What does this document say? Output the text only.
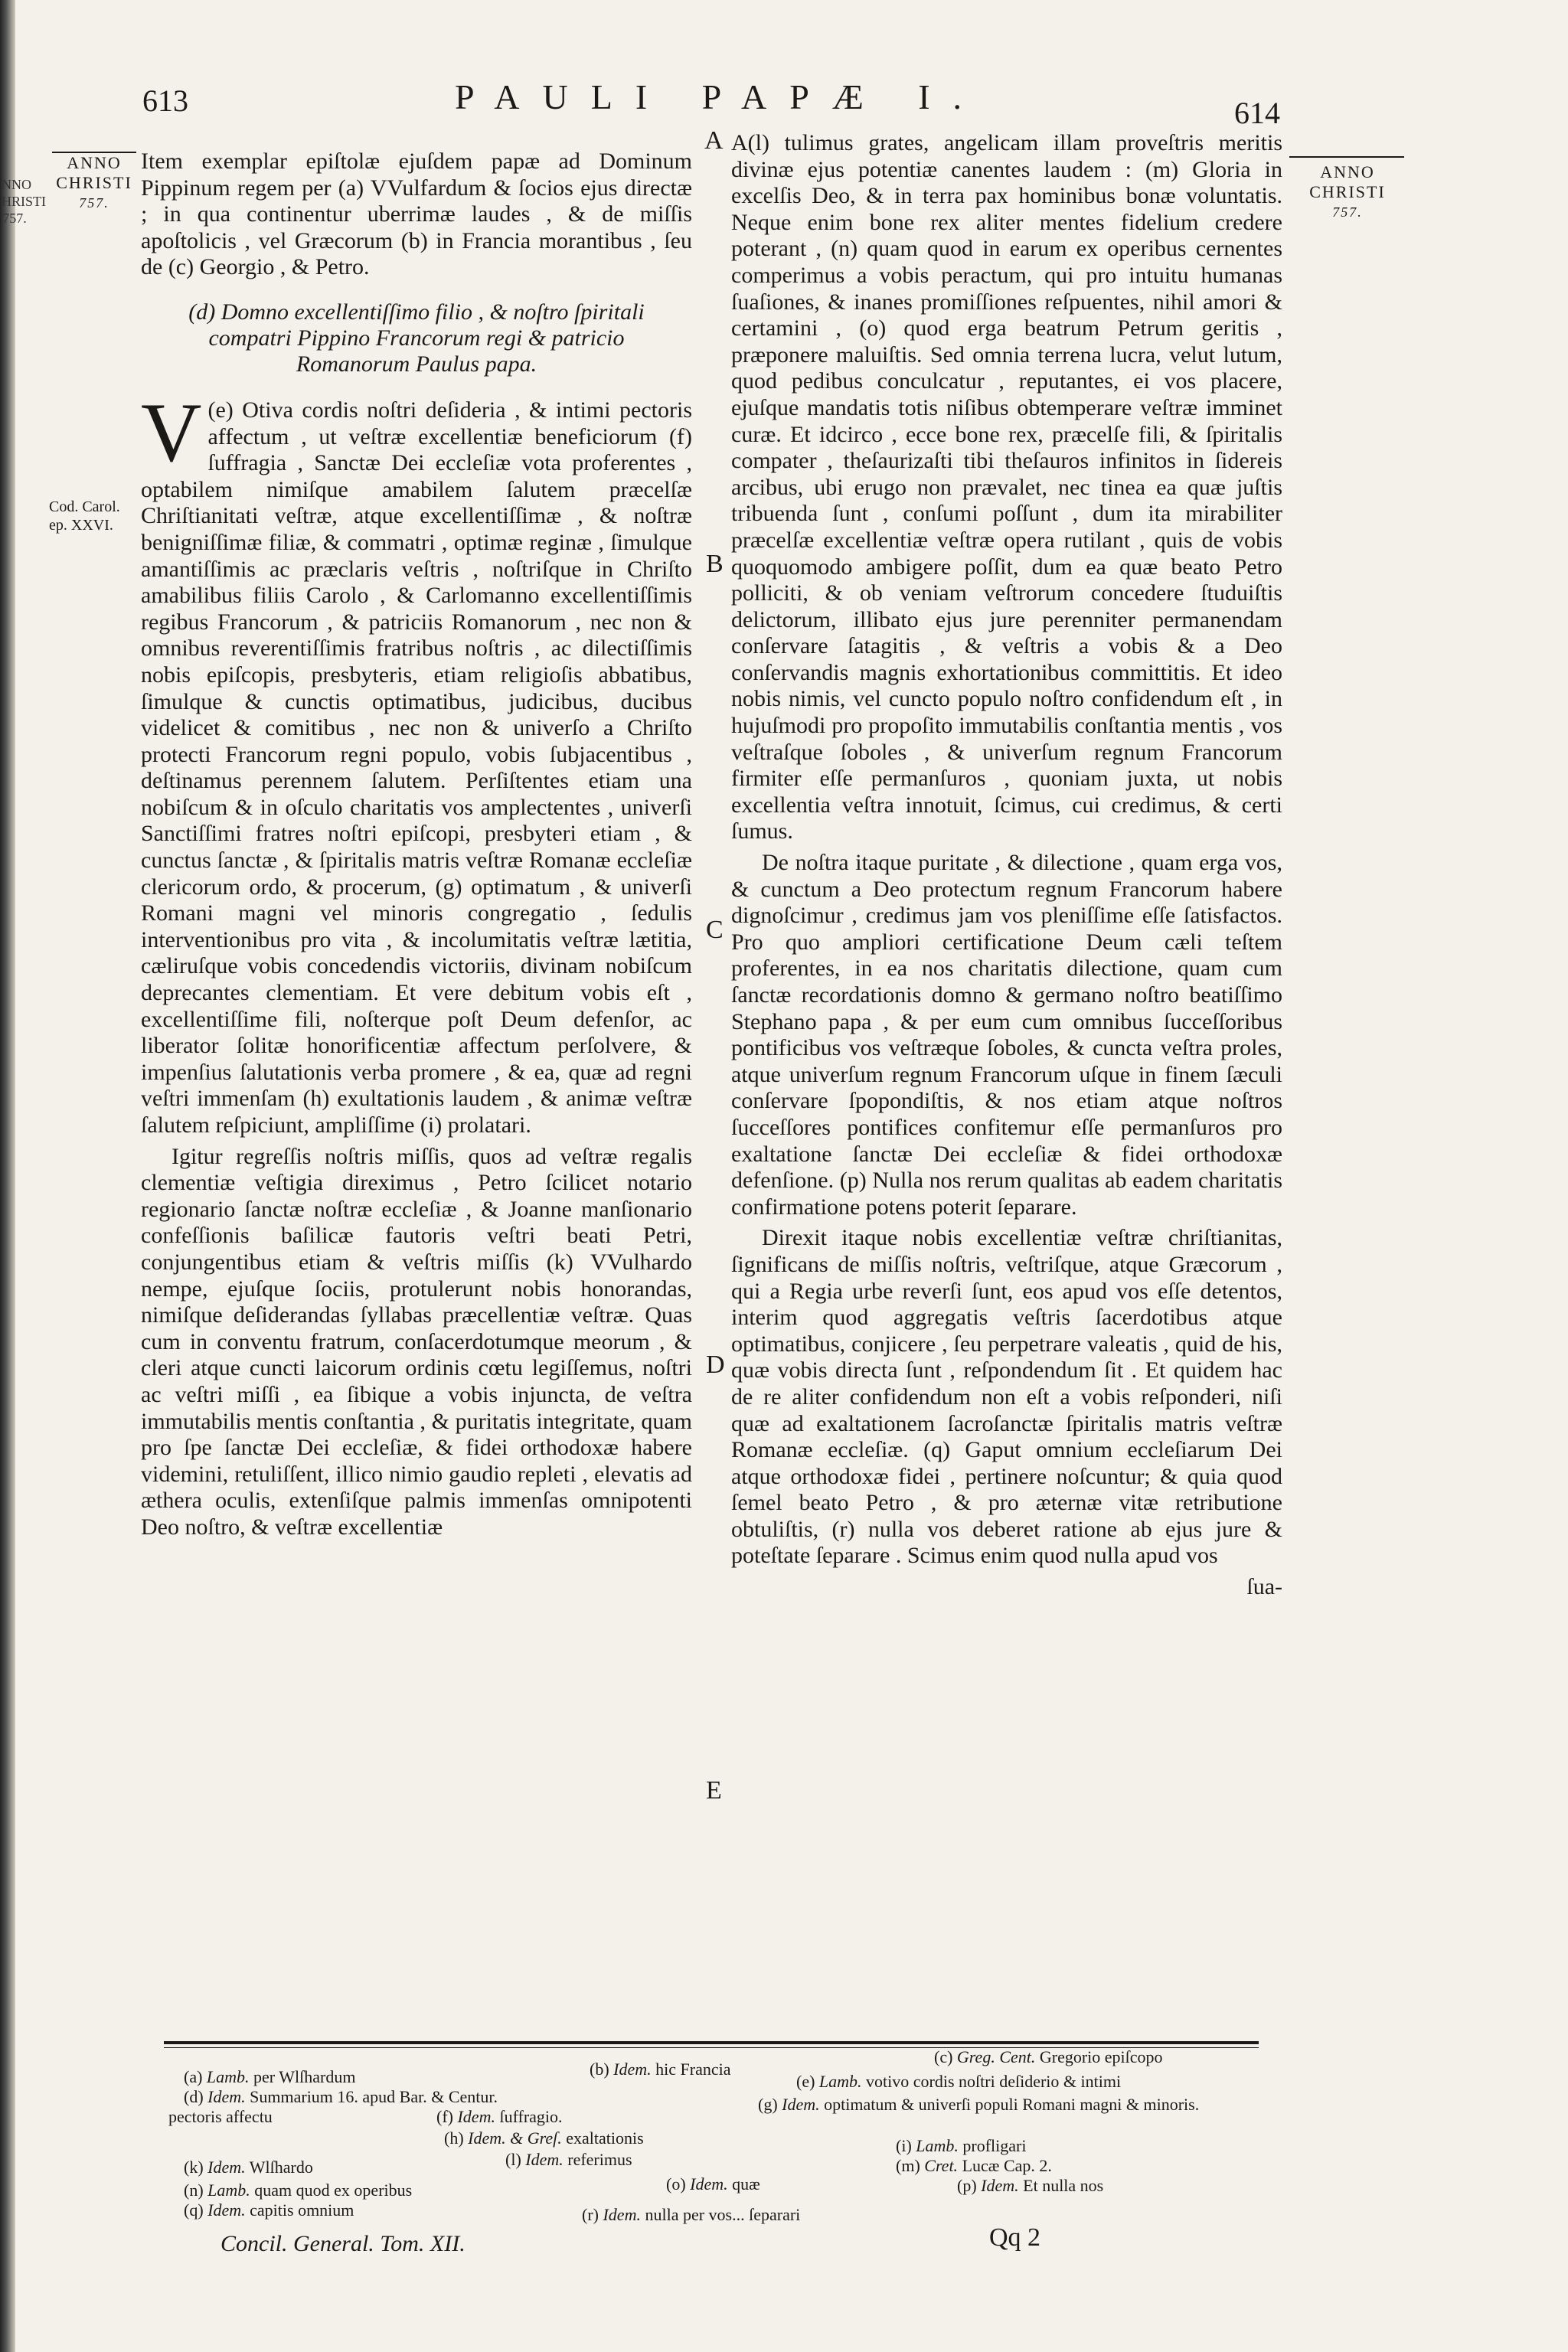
NNO HRISTI 757.
613	PAULI PAPÆ I.	614
ANNO CHRISTI
757.
ANNO CHRISTI
757.
Cod. Carol. ep. XXVI.
A
B
C
D
E

Item exemplar epiſtolæ ejuſdem papæ ad Dominum Pippinum regem per (a) VVulfardum & ſocios ejus directæ ; in qua continentur uberrimæ laudes , & de miſſis apoſtolicis , vel Græcorum (b) in Francia morantibus , ſeu de (c) Georgio , & Petro.

(d) Domno excellentiſſimo filio , & noſtro ſpiritali compatri Pippino Francorum regi & patricio Romanorum Paulus papa.

(e)
V Otiva cordis noſtri deſideria , & intimi pectoris affectum , ut veſtræ excellentiæ beneficiorum (f) ſuffragia , Sanctæ Dei eccleſiæ vota proferentes , optabilem nimiſque amabilem ſalutem præcelſæ Chriſtianitati veſtræ, atque excellentiſſimæ , & noſtræ benigniſſimæ filiæ, & commatri , optimæ reginæ , ſimulque amantiſſimis ac præclaris veſtris , noſtriſque in Chriſto amabilibus filiis Carolo , & Carlomanno excellentiſſimis regibus Francorum , & patriciis Romanorum , nec non & omnibus reverentiſſimis fratribus noſtris , ac dilectiſſimis nobis epiſcopis, presbyteris, etiam religioſis abbatibus, ſimulque & cunctis optimatibus, judicibus, ducibus videlicet & comitibus , nec non & univerſo a Chriſto protecti Francorum regni populo, vobis ſubjacentibus , deſtinamus perennem ſalutem. Perſiſtentes etiam una nobiſcum & in oſculo charitatis vos amplectentes , univerſi Sanctiſſimi fratres noſtri epiſcopi, presbyteri etiam , & cunctus ſanctæ , & ſpiritalis matris veſtræ Romanæ eccleſiæ clericorum ordo, & procerum, (g) optimatum , & univerſi Romani magni vel minoris congregatio , ſedulis interventionibus pro vita , & incolumitatis veſtræ lætitia, cæliruſque vobis concedendis victoriis, divinam nobiſcum deprecantes clementiam. Et vere debitum vobis eſt , excellentiſſime fili, noſterque poſt Deum defenſor, ac liberator ſolitæ honorificentiæ affectum perſolvere, & impenſius ſalutationis verba promere , & ea, quæ ad regni veſtri immenſam (h) exultationis laudem , & animæ veſtræ ſalutem reſpiciunt, ampliſſime (i) prolatari.

Igitur regreſſis noſtris miſſis, quos ad veſtræ regalis clementiæ veſtigia direximus , Petro ſcilicet notario regionario ſanctæ noſtræ eccleſiæ , & Joanne manſionario confeſſionis baſilicæ fautoris veſtri beati Petri, conjungentibus etiam & veſtris miſſis (k) VVulhardo nempe, ejuſque ſociis, protulerunt nobis honorandas, nimiſque deſiderandas ſyllabas præcellentiæ veſtræ. Quas cum in conventu fratrum, conſacerdotumque meorum , & cleri atque cuncti laicorum ordinis cœtu legiſſemus, noſtri ac veſtri miſſi , ea ſibique a vobis injuncta, de veſtra immutabilis mentis conſtantia , & puritatis integritate, quam pro ſpe ſanctæ Dei eccleſiæ, & fidei orthodoxæ habere videmini, retuliſſent, illico nimio gaudio repleti , elevatis ad æthera oculis, extenſiſque palmis immenſas omnipotenti Deo noſtro, & veſtræ excellentiæ

A(l) tulimus grates, angelicam illam proveſtris meritis divinæ ejus potentiæ canentes laudem : (m) Gloria in excelſis Deo, & in terra pax hominibus bonæ voluntatis. Neque enim bone rex aliter mentes fidelium credere poterant , (n) quam quod in earum ex operibus cernentes comperimus a vobis peractum, qui pro intuitu humanas ſuaſiones, & inanes promiſſiones reſpuentes, nihil amori & certamini , (o) quod erga beatrum Petrum geritis , præponere maluiſtis. Sed omnia terrena lucra, velut lutum, quod pedibus conculcatur , reputantes, ei vos placere, ejuſque mandatis totis niſibus obtemperare veſtræ imminet curæ. Et idcirco , ecce bone rex, præcelſe fili, & ſpiritalis compater , theſaurizaſti tibi theſauros infinitos in ſidereis arcibus, ubi erugo non prævalet, nec tinea ea quæ juſtis tribuenda ſunt , conſumi poſſunt , dum ita mirabiliter præcelſæ excellentiæ veſtræ opera rutilant , quis de vobis quoquomodo ambigere poſſit, dum ea quæ beato Petro polliciti, & ob veniam veſtrorum concedere ſtuduiſtis delictorum, illibato ejus jure perenniter permanendam conſervare ſatagitis , & veſtris a vobis & a Deo conſervandis magnis exhortationibus committitis. Et ideo nobis nimis, vel cuncto populo noſtro confidendum eſt , in hujuſmodi pro propoſito immutabilis conſtantia mentis , vos veſtraſque ſoboles , & univerſum regnum Francorum firmiter eſſe permanſuros , quoniam juxta, ut nobis excellentia veſtra innotuit, ſcimus, cui credimus, & certi ſumus.

De noſtra itaque puritate , & dilectione , quam erga vos, & cunctum a Deo protectum regnum Francorum habere dignoſcimur , credimus jam vos pleniſſime eſſe ſatisfactos. Pro quo ampliori certificatione Deum cæli teſtem proferentes, in ea nos charitatis dilectione, quam cum ſanctæ recordationis domno & germano noſtro beatiſſimo Stephano papa , & per eum cum omnibus ſucceſſoribus pontificibus vos veſtræque ſoboles, & cuncta veſtra proles, atque univerſum regnum Francorum uſque in finem ſæculi conſervare ſpopondiſtis, & nos etiam atque noſtros ſucceſſores pontifices confitemur eſſe permanſuros pro exaltatione ſanctæ Dei eccleſiæ & fidei orthodoxæ defenſione. (p) Nulla nos rerum qualitas ab eadem charitatis confirmatione potens poterit ſeparare.

Direxit itaque nobis excellentiæ veſtræ chriſtianitas, ſignificans de miſſis noſtris, veſtriſque, atque Græcorum , qui a Regia urbe reverſi ſunt, eos apud vos eſſe detentos, interim quod aggregatis veſtris ſacerdotibus atque optimatibus, conjicere , ſeu perpetrare valeatis , quid de his, quæ vobis directa ſunt , reſpondendum ſit . Et quidem hac de re aliter confidendum non eſt a vobis reſponderi, niſi quæ ad exaltationem ſacroſanctæ ſpiritalis matris veſtræ Romanæ eccleſiæ. (q) Gaput omnium eccleſiarum Dei atque orthodoxæ fidei , pertinere noſcuntur; & quia quod ſemel beato Petro , & pro æternæ vitæ retributione obtuliſtis, (r) nulla vos deberet ratione ab ejus jure & poteſtate ſeparare . Scimus enim quod nulla apud vos

ſua-

(a) Lamb. per Wlſhardum	(b) Idem. hic Francia
(c) Greg. Cent. Gregorio epiſcopo
(d) Idem. Summarium 16. apud Bar. & Centur.
(e) Lamb. votivo cordis noſtri deſiderio & intimi
pectoris affectu	(f) Idem. ſuffragio.
(g) Idem. optimatum & univerſi populi Romani magni & minoris.
(h) Idem. & Greſ. exaltationis	(i) Lamb. profligari
(k) Idem. Wlſhardo	(l) Idem. referimus	(m) Cret. Lucæ Cap. 2.
(n) Lamb. quam quod ex operibus	(o) Idem. quæ	(p) Idem. Et nulla nos
(q) Idem. capitis omnium	(r) Idem. nulla per vos... ſeparari
Concil. General. Tom. XII.	Qq 2
